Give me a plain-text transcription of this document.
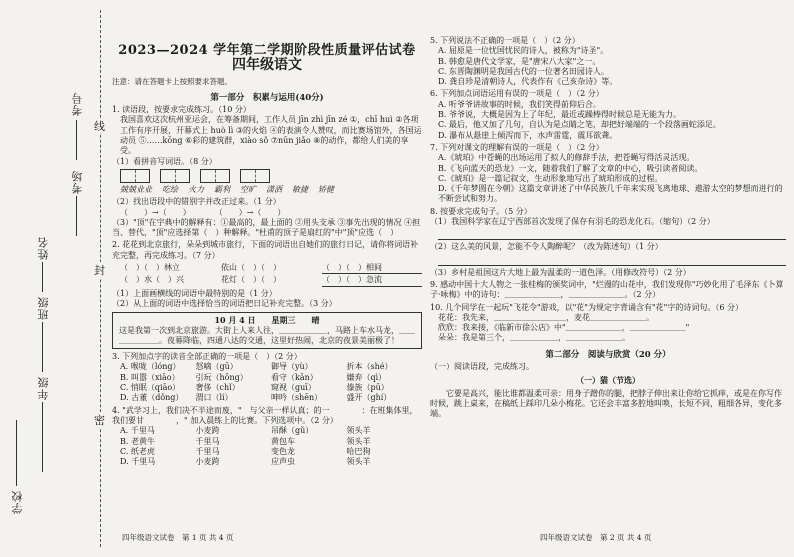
考号
考场
姓名
班级
年级
学校
线
封
密
2023—2024 学年第二学期阶段性质量评估试卷
四年级语文
注意：请在答题卡上按照要求答题。
第一部分　积累与运用(40分)

1. 读语段，按要求完成练习。（10 分）

我国喜欢这次杭州亚运会，在筹备期间，工作人员 jīn zhì jīn zé ①，chī huì ②各项工作有序开展，开幕式上 huò lì ③的火焰 ④的表演令人赞叹，而比赛场馆外，各国运动员 ⑤……kōng ⑥彩的建筑群，xiào sǒ ⑦nūn jiǎo ⑧的动作，都给人们美的享受。

（1）看拼音写词语。（8 分）

兢兢业业 吃绘 火力 霸利 空旷 潇洒 敏捷 矫健

（2）找出语段中的错别字并改正过来。（1 分）

（　　）→（　　）　　　　（　　）→（　　）

（3）"顶"在字典中的解释有：①最高的，最上面的 ②用头支承 ③事先出现的情况 ④担当、替代，"顶"应选择第（　）种解释。"杜甫的顶子是扇红的"中"顶"应选（　）

2. 花花到北京旅行，朵朵到城市旅行，下面的词语出自她们的旅行日记，请你将词语补充完整，再完成练习。（7 分）

（　）（　）林立	依山（　）（　）	（　）（　）相间
（　）水（　）兴	花灯（　）（　）	（　）（　）急流

（1）上面画横线的词语中最特别的是（1 分）

（2）从上面的词语中选择恰当的词语把日记补充完整。（3 分）

10 月 4 日　　星期三　　晴

这是我第一次到北京旅游。大街上人来人往，＿＿＿＿＿＿，马路上车水马龙，＿＿＿＿＿＿＿。夜幕降临，四通八达的交通，这里好热闹，北京的夜景美丽极了！

3. 下列加点字的读音全部正确的一项是（　）（2 分）

A. 喉咙（lóng）	怒嘀（gū）	御导（yù）	折本（shé）
B. 叫嚣（xiāo）	引玩（hōng）	看守（kān）	嫌弃（qì）
C. 悄眠（qiāo）	奢侈（chǐ）	窥视（guī）	傣族（pū）
D. 古董（dǒng）	渭口（lí）	呻吟（shēn）	盛开（ghí）

4. "武学习上，我们决不半途而废，"　与父亲一样认真；的一　　　　：在班集体里，我们要甘　　　　，" 加入晨练上的比赛。下列选项中。（2 分）

A. 千里马	小麦跨	吊酥（gǔ）	领头羊
B. 老黄牛	千里马	黄包车	领头羊
C. 纸老虎	千里马	变色龙	哈巴狗
D. 千里马	小麦跨	应声虫	领头羊
四年级语文试卷　第 1 页 共 4 页

5. 下列说法不正确的一项是（　）（2 分）

A. 屈原是一位忧国忧民的诗人，被称为"诗圣"。

B. 韩愈是唐代文学家，是"唐宋八大家"之一。

C. 东晋陶渊明是我国古代的一位著名田园诗人。

D. 龚自珍是清朝诗人，代表作有《己亥杂诗》等。

6. 下列加点词语运用有误的一项是（　）（2 分）

A. 听爷爷讲故事的时候，我们笑得前仰后合。

B. 爷爷说，大概是因为上了年纪，最近或躁棒得时候总是无能为力。

C. 最后，他又加了几句，自认为是点睛之笔，却把好端端的一个段落画蛇添足。

D. 瀑布从悬崖上倾泻而下，水声雷霆，震耳欲聋。

7. 下列对课文的理解有误的一项是（　）（2 分）

A.《琥珀》中苍蝇的出场运用了拟人的修辞手法，把苍蝇写得活灵活现。

B.《飞向蓝天的恐龙》一文，随着我们了解了文章的中心，吸引读者阅读。

C.《琥珀》是一篇记叙文，生动形象地写出了琥珀形成的过程。

D.《千年梦圆在今朝》这篇文章讲述了中华民族几千年来实现飞离地球、遨游太空的梦想而进行的不断尝试和努力。

8. 按要求完成句子。（5 分）

（1）我国科学家在辽宁西部首次发现了保存有羽毛的恐龙化石。（缩句）（2 分）

（2）这么美的风景，怎能不令人陶醉呢？（改为陈述句）（1 分）

（3）乡村是祖国这片大地上最为温柔的一道色泽。（用修改符号）（2 分）

9. 感动中国十大人物之一张桂梅的颁奖词中，"烂漫的山花中，我们发现你"巧妙化用了毛泽东《卜算子·咏梅》中的诗句：＿＿＿＿＿＿＿，＿＿＿＿＿＿＿。（2 分）

10. 几个同学在一起玩"飞花令"游戏，以"花"为规定字背诵含有"花"字的诗词句。（6 分）

花花：我先来，＿＿＿＿＿＿＿＿＿，麦花＿＿＿＿＿＿＿。

欣欣：我来接，《临新市徐公店》中"＿＿＿＿＿＿＿，＿＿＿＿＿＿＿"

朵朵：我是第三个，＿＿＿＿＿＿，＿＿＿＿＿＿＿。

第二部分　阅读与欣赏（20 分）

（一）阅读语段，完成练习。

（一）猫（节选）

它要是高兴，能比谁都温柔可亲：用身子蹭你的腿，把脖子伸出来让你给它抓痒，或是在你写作时候，跳上桌来，在稿纸上踩印几朵小梅花。它还会丰富多腔地叫唤，长短不同，粗细各异，变化多端。

四年级语文试卷　第 2 页 共 4 页
